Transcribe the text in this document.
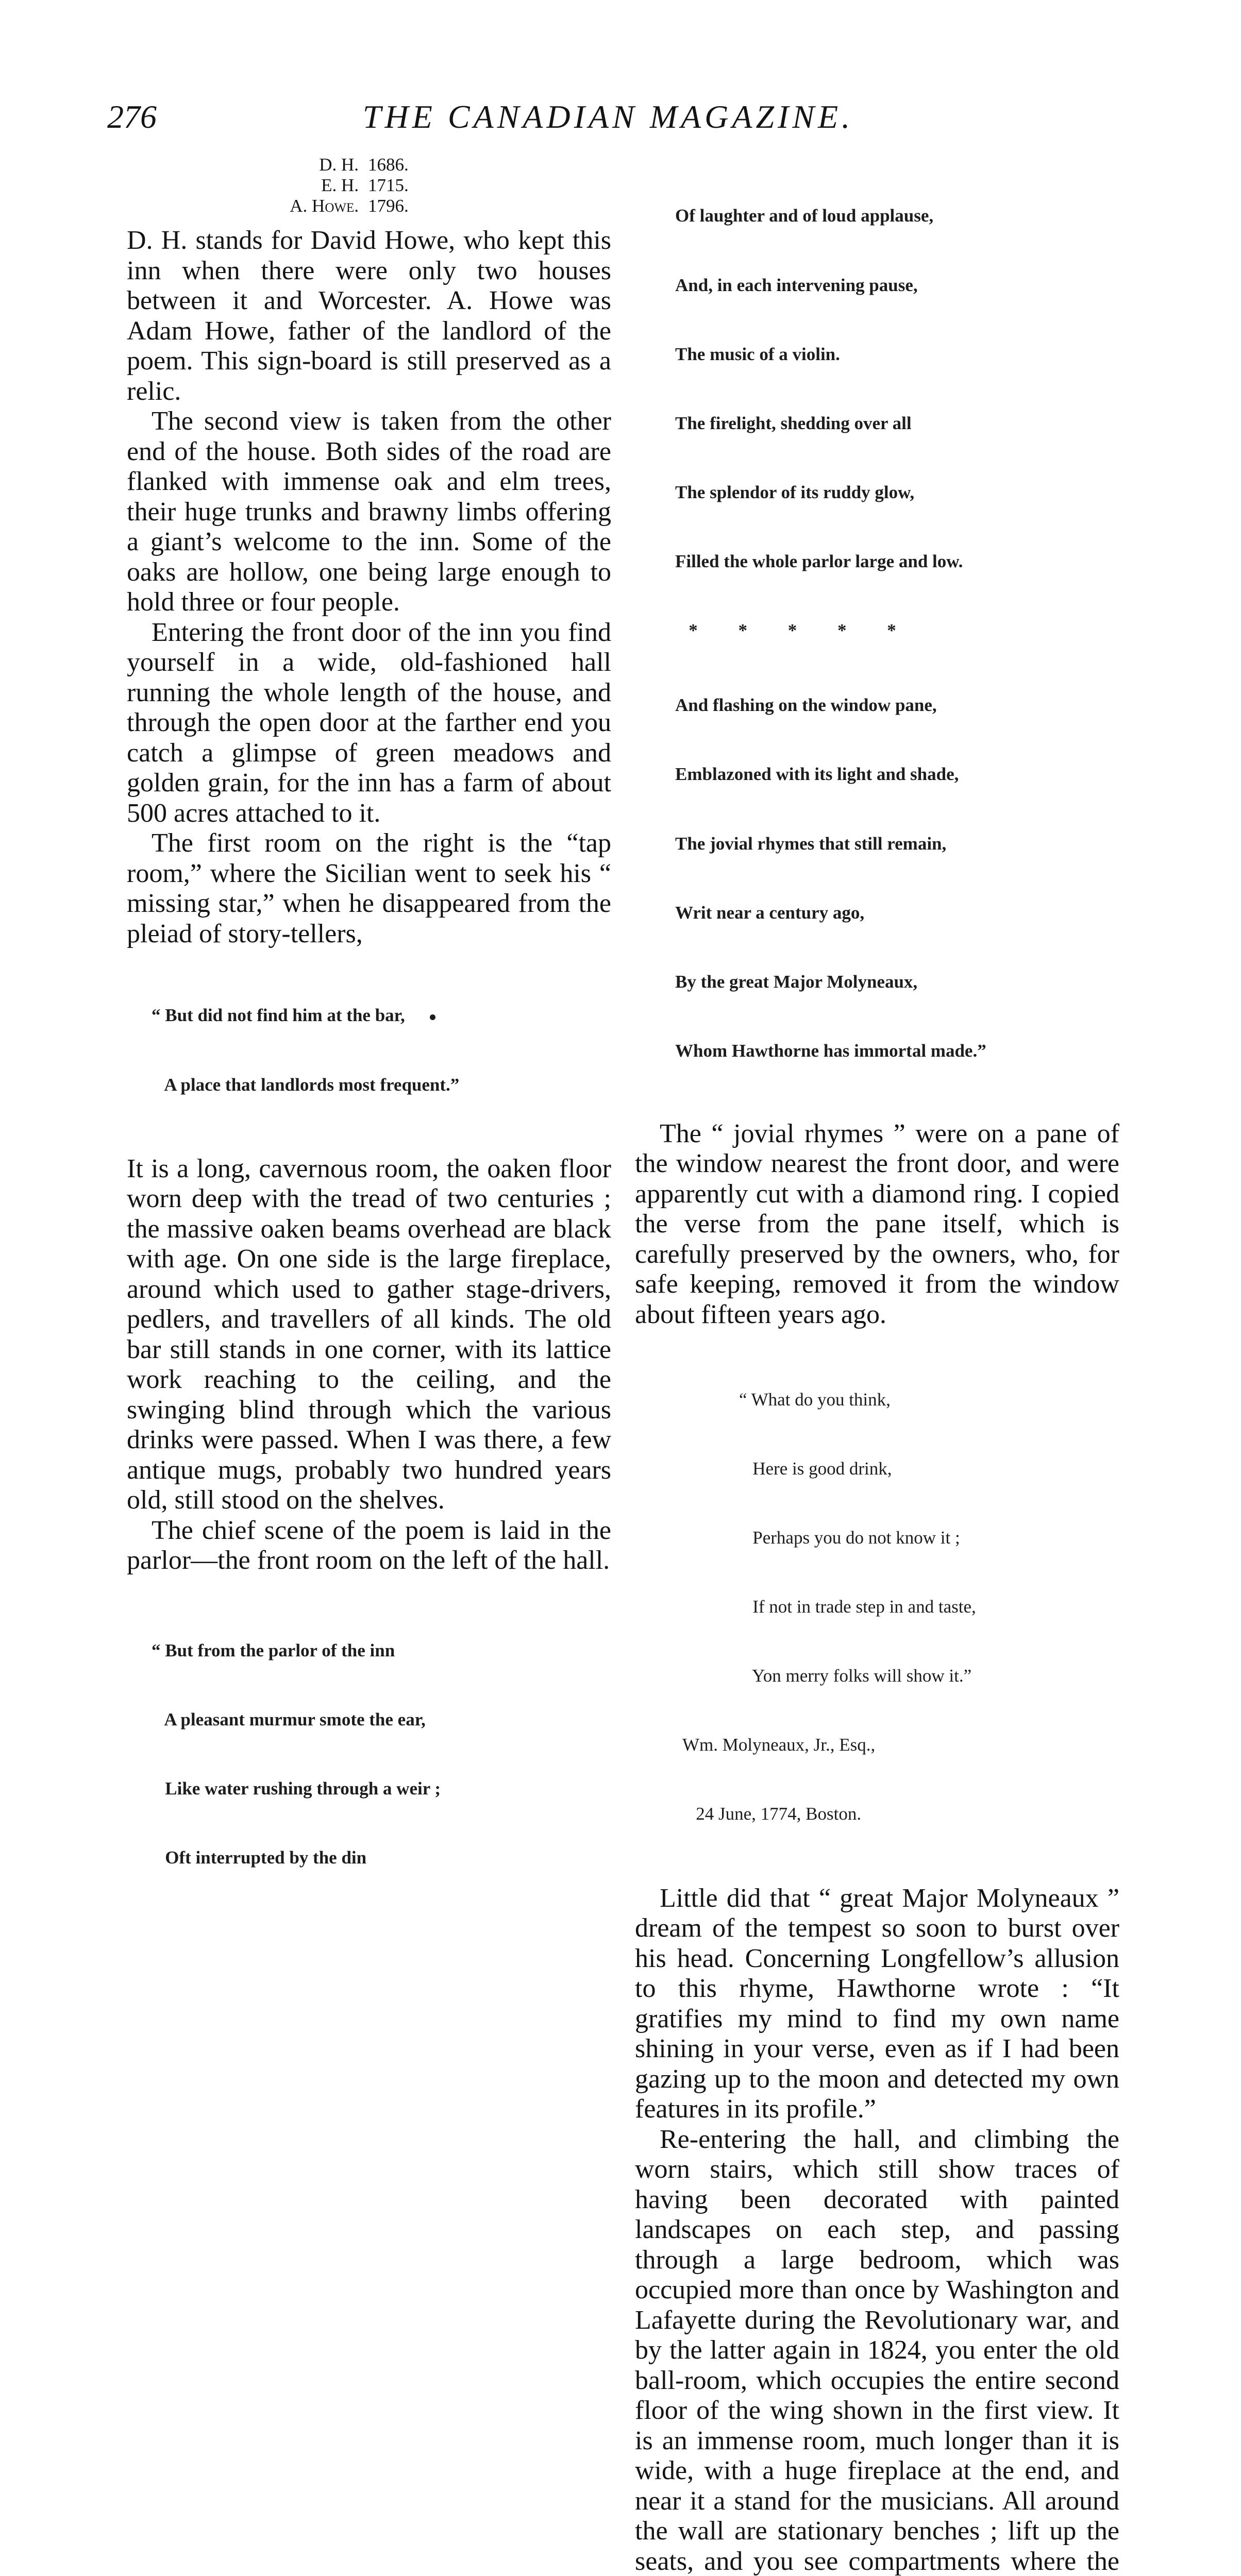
276	THE CANADIAN MAGAZINE.
D. H. 1686.
E. H. 1715.
A. Howe. 1796.

D. H. stands for David Howe, who kept this inn when there were only two houses between it and Worcester. A. Howe was Adam Howe, father of the landlord of the poem. This sign-board is still preserved as a relic.

The second view is taken from the other end of the house. Both sides of the road are flanked with immense oak and elm trees, their huge trunks and brawny limbs offering a giant’s welcome to the inn. Some of the oaks are hollow, one being large enough to hold three or four people.

Entering the front door of the inn you find yourself in a wide, old-fashioned hall running the whole length of the house, and through the open door at the farther end you catch a glimpse of green meadows and golden grain, for the inn has a farm of about 500 acres attached to it.

The first room on the right is the “tap room,” where the Sicilian went to seek his “ missing star,” when he disappeared from the pleiad of story-tellers,

“ But did not find him at the bar,

A place that landlords most frequent.”

It is a long, cavernous room, the oaken floor worn deep with the tread of two centuries ; the massive oaken beams overhead are black with age. On one side is the large fireplace, around which used to gather stage-drivers, pedlers, and travellers of all kinds. The old bar still stands in one corner, with its lattice work reaching to the ceiling, and the swinging blind through which the various drinks were passed. When I was there, a few antique mugs, probably two hundred years old, still stood on the shelves.

The chief scene of the poem is laid in the parlor—the front room on the left of the hall.

“ But from the parlor of the inn

A pleasant murmur smote the ear,

Like water rushing through a weir ;

Oft interrupted by the din

Of laughter and of loud applause,

And, in each intervening pause,

The music of a violin.

The firelight, shedding over all

The splendor of its ruddy glow,

Filled the whole parlor large and low.

*         *         *         *         *

And flashing on the window pane,

Emblazoned with its light and shade,

The jovial rhymes that still remain,

Writ near a century ago,

By the great Major Molyneaux,

Whom Hawthorne has immortal made.”

The “ jovial rhymes ” were on a pane of the window nearest the front door, and were apparently cut with a diamond ring. I copied the verse from the pane itself, which is carefully preserved by the owners, who, for safe keeping, removed it from the window about fifteen years ago.

“ What do you think,

Here is good drink,

Perhaps you do not know it ;

If not in trade step in and taste,

Yon merry folks will show it.”

Wm. Molyneaux, Jr., Esq.,

24 June, 1774, Boston.

Little did that “ great Major Molyneaux ” dream of the tempest so soon to burst over his head. Concerning Longfellow’s allusion to this rhyme, Hawthorne wrote : “It gratifies my mind to find my own name shining in your verse, even as if I had been gazing up to the moon and detected my own features in its profile.”

Re-entering the hall, and climbing the worn stairs, which still show traces of having been decorated with painted landscapes on each step, and passing through a large bedroom, which was occupied more than once by Washington and Lafayette during the Revolutionary war, and by the latter again in 1824, you enter the old ball-room, which occupies the entire second floor of the wing shown in the first view. It is an immense room, much longer than it is wide, with a huge fireplace at the end, and near it a stand for the musicians. All around the wall are stationary benches ; lift up the seats, and you see compartments where the
